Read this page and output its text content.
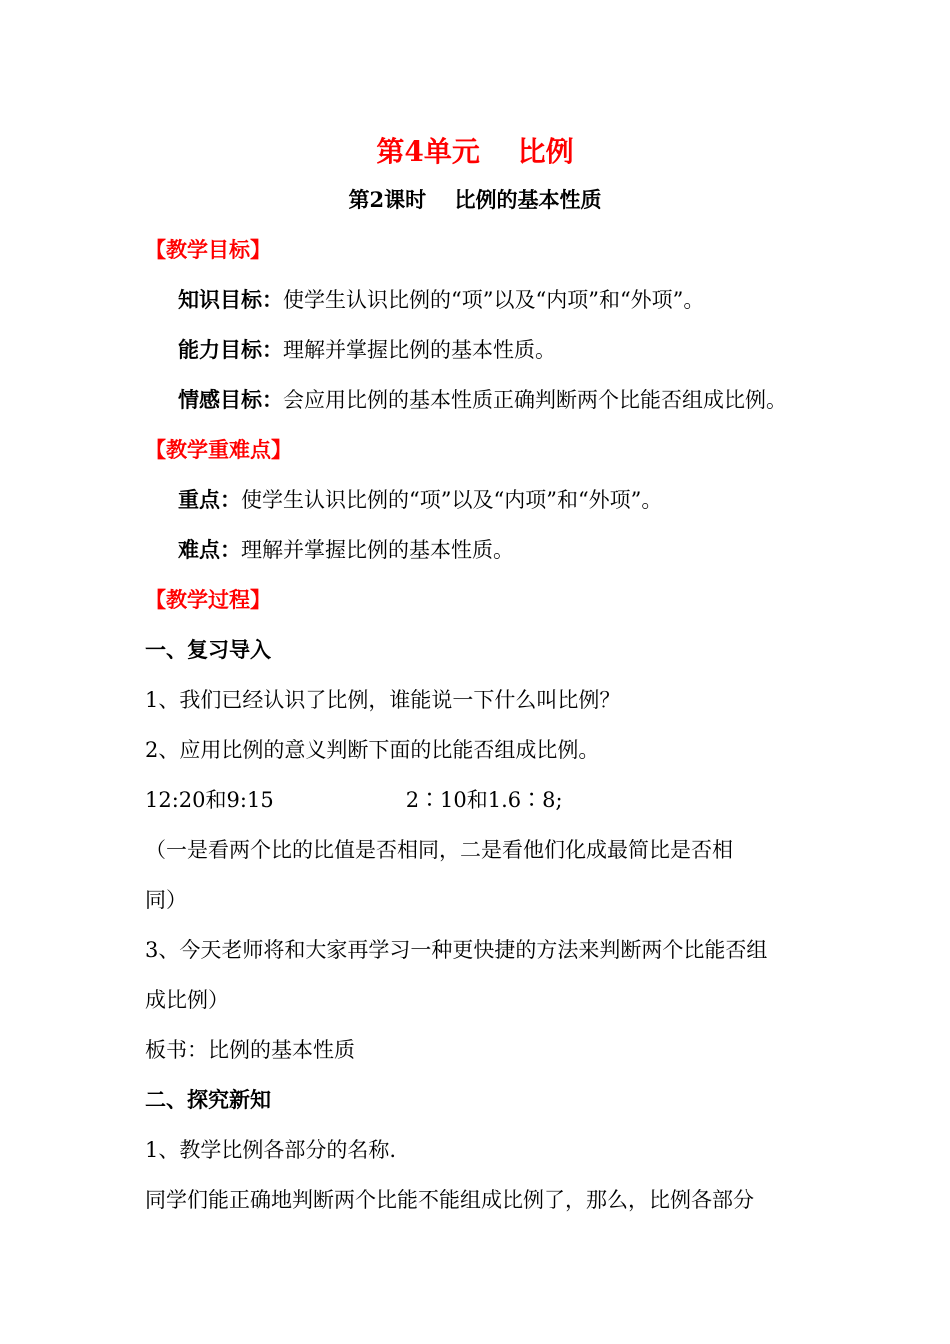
第4单元　 比例
第2课时　 比例的基本性质
【教学目标】
知识目标：使学生认识比例的“项”以及“内项”和“外项”。
能力目标：理解并掌握比例的基本性质。
情感目标：会应用比例的基本性质正确判断两个比能否组成比例。
【教学重难点】
重点：使学生认识比例的“项”以及“内项”和“外项”。
难点：理解并掌握比例的基本性质。
【教学过程】
一、复习导入
1、我们已经认识了比例，谁能说一下什么叫比例？
2、应用比例的意义判断下面的比能否组成比例。
12:20和9:15	2∶10和1.6∶8;
（一是看两个比的比值是否相同，二是看他们化成最简比是否相
同）
3、今天老师将和大家再学习一种更快捷的方法来判断两个比能否组
成比例）
板书：比例的基本性质
二、探究新知
1、教学比例各部分的名称.
同学们能正确地判断两个比能不能组成比例了，那么，比例各部分
